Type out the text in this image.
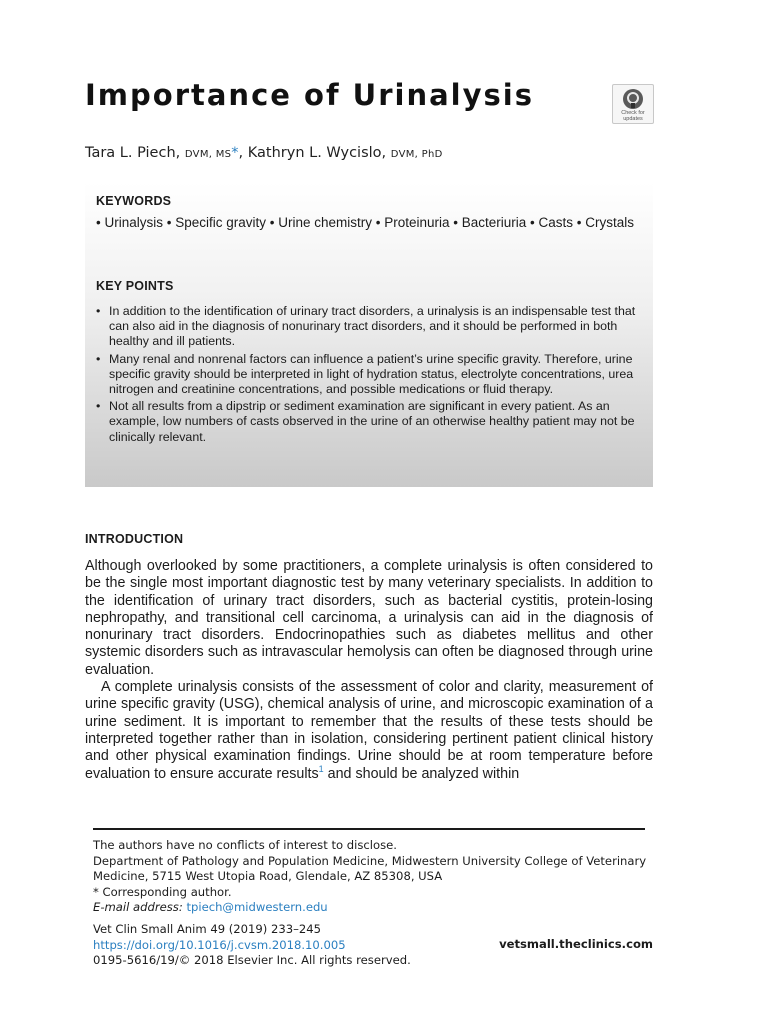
Importance of Urinalysis
Check for
updates
Tara L. Piech, DVM, MS*, Kathryn L. Wycislo, DVM, PhD
KEYWORDS

• Urinalysis • Specific gravity • Urine chemistry • Proteinuria • Bacteriuria • Casts • Crystals

KEY POINTS
• In addition to the identification of urinary tract disorders, a urinalysis is an indispensable test that can also aid in the diagnosis of nonurinary tract disorders, and it should be performed in both healthy and ill patients.
• Many renal and nonrenal factors can influence a patient’s urine specific gravity. Therefore, urine specific gravity should be interpreted in light of hydration status, electrolyte concentrations, urea nitrogen and creatinine concentrations, and possible medications or fluid therapy.
• Not all results from a dipstrip or sediment examination are significant in every patient. As an example, low numbers of casts observed in the urine of an otherwise healthy patient may not be clinically relevant.
INTRODUCTION

Although overlooked by some practitioners, a complete urinalysis is often considered to be the single most important diagnostic test by many veterinary specialists. In addition to the identification of urinary tract disorders, such as bacterial cystitis, protein-losing nephropathy, and transitional cell carcinoma, a urinalysis can aid in the diagnosis of nonurinary tract disorders. Endocrinopathies such as diabetes mellitus and other systemic disorders such as intravascular hemolysis can often be diagnosed through urine evaluation.

A complete urinalysis consists of the assessment of color and clarity, measurement of urine specific gravity (USG), chemical analysis of urine, and microscopic examination of a urine sediment. It is important to remember that the results of these tests should be interpreted together rather than in isolation, considering pertinent patient clinical history and other physical examination findings. Urine should be at room temperature before evaluation to ensure accurate results$^1$ and should be analyzed within

The authors have no conflicts of interest to disclose.

Department of Pathology and Population Medicine, Midwestern University College of Veterinary Medicine, 5715 West Utopia Road, Glendale, AZ 85308, USA

* Corresponding author.

E-mail address: tpiech@midwestern.edu

Vet Clin Small Anim 49 (2019) 233–245

https://doi.org/10.1016/j.cvsm.2018.10.005

0195-5616/19/© 2018 Elsevier Inc. All rights reserved.

vetsmall.theclinics.com
